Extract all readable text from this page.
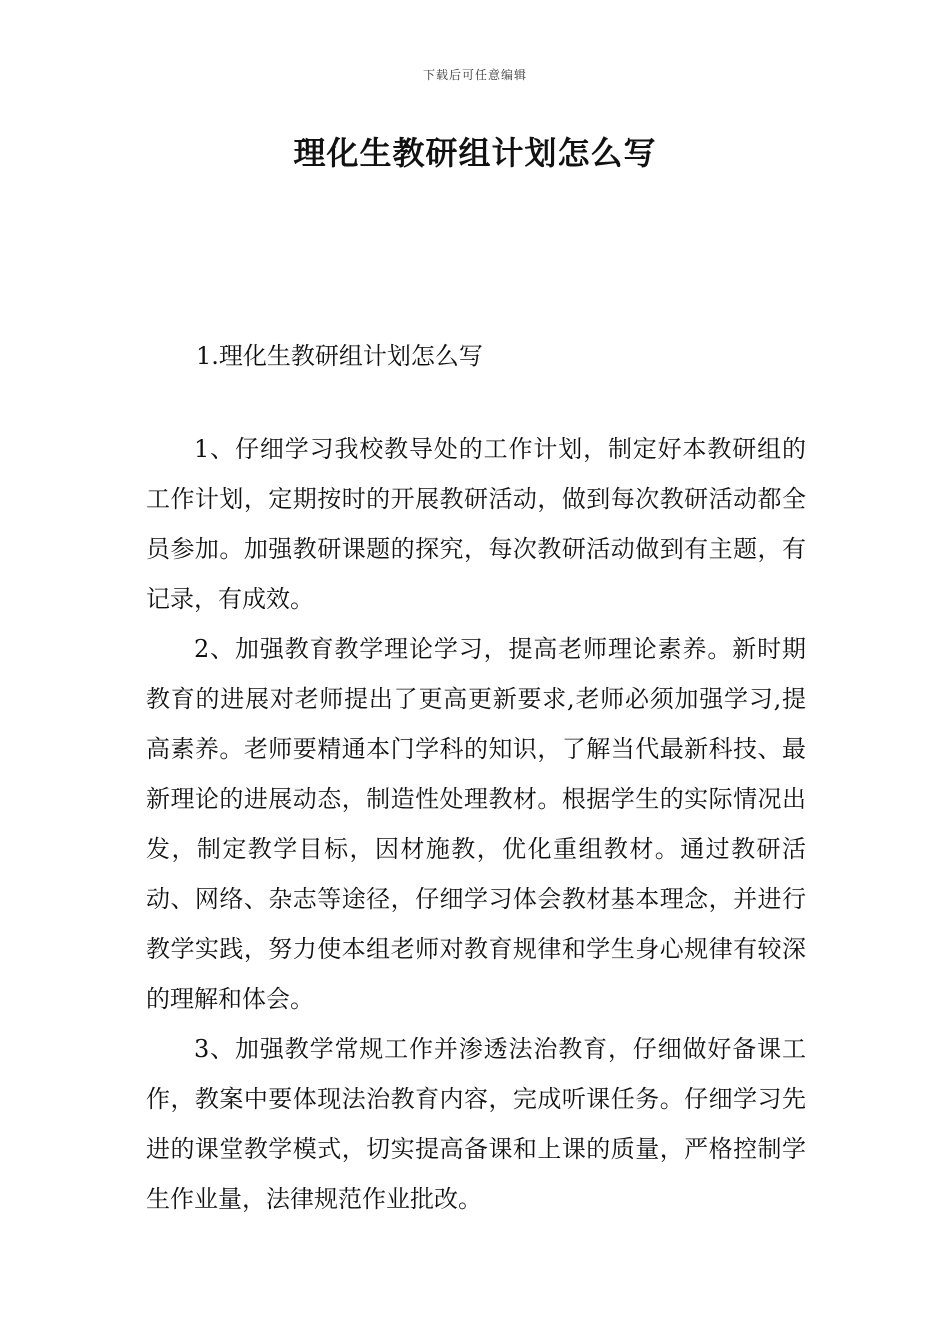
下载后可任意编辑
理化生教研组计划怎么写
1.理化生教研组计划怎么写

1、仔细学习我校教导处的工作计划，制定好本教研组的工作计划，定期按时的开展教研活动，做到每次教研活动都全员参加。加强教研课题的探究，每次教研活动做到有主题，有记录，有成效。

2、加强教育教学理论学习，提高老师理论素养。新时期教育的进展对老师提出了更高更新要求,老师必须加强学习,提高素养。老师要精通本门学科的知识，了解当代最新科技、最新理论的进展动态，制造性处理教材。根据学生的实际情况出发，制定教学目标，因材施教，优化重组教材。通过教研活动、网络、杂志等途径，仔细学习体会教材基本理念，并进行教学实践，努力使本组老师对教育规律和学生身心规律有较深的理解和体会。

3、加强教学常规工作并渗透法治教育，仔细做好备课工作，教案中要体现法治教育内容，完成听课任务。仔细学习先进的课堂教学模式，切实提高备课和上课的质量，严格控制学生作业量，法律规范作业批改。
